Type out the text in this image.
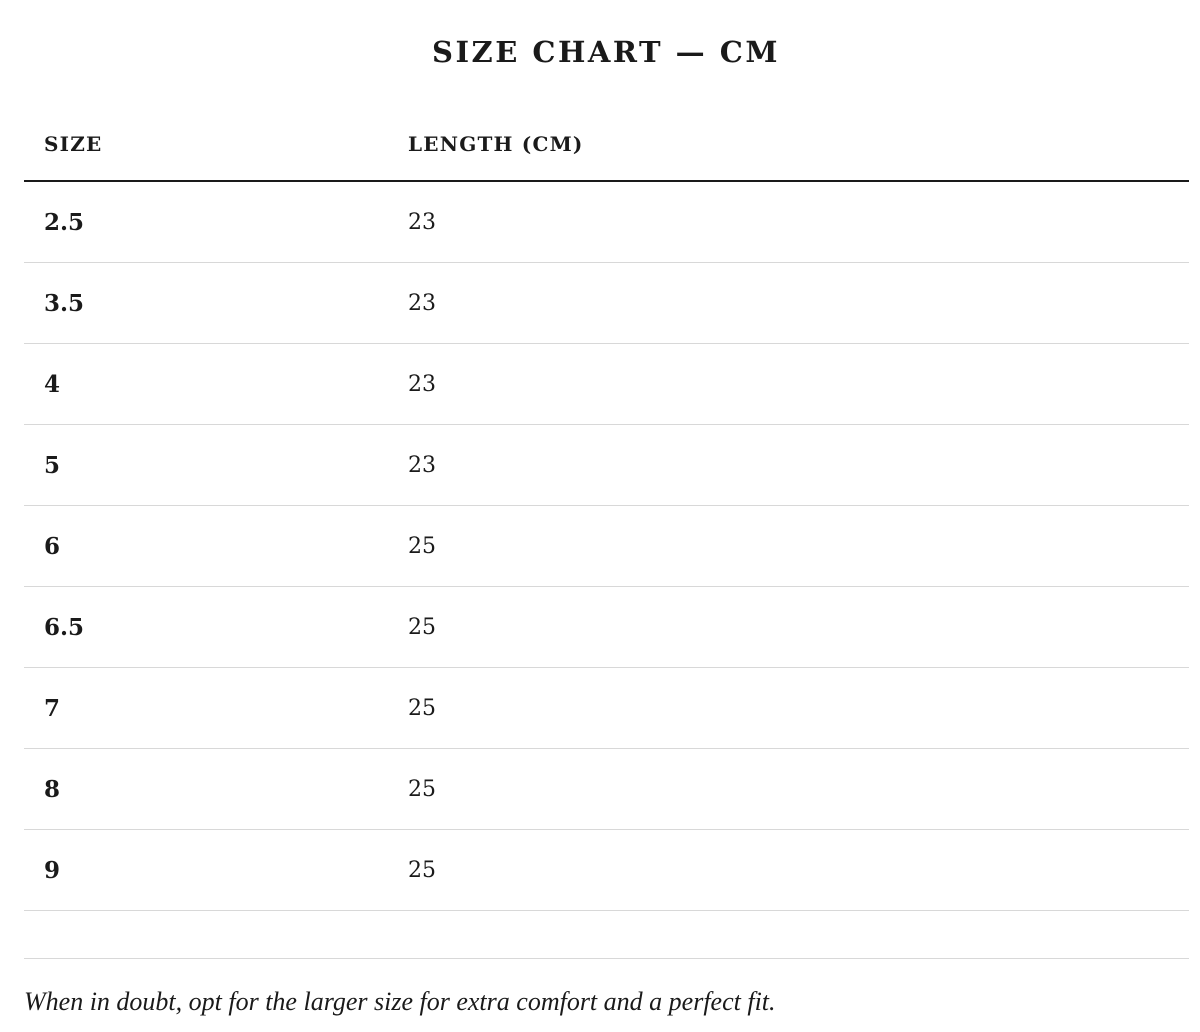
SIZE CHART — CM
SIZE	LENGTH (CM)
2.5	23
3.5	23
4	23
5	23
6	25
6.5	25
7	25
8	25
9	25

When in doubt, opt for the larger size for extra comfort and a perfect fit.
